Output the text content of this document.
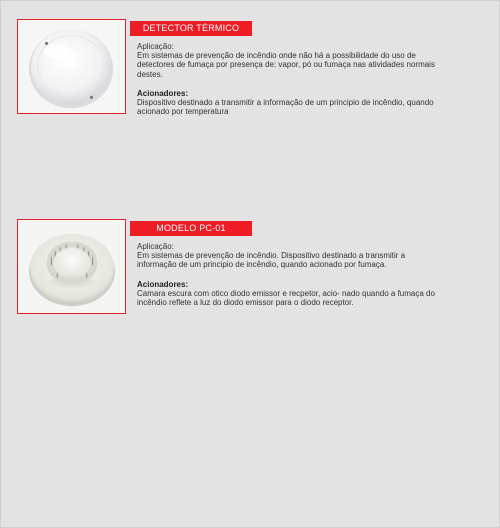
DETECTOR TÉRMICO
Aplicação:

Em sistemas de prevenção de incêndio onde não há a possibilidade do uso de detectores de fumaça por presença de: vapor, pó ou fumaça nas atividades normais destes.

Acionadores:

Dispositivo destinado a transmitir a informação de um principio de incêndio, quando acionado por temperatura

MODELO PC-01
Aplicação:

Em sistemas de prevenção de incêndio. Dispositivo destinado a transmitir a informação de um principio de incêndio, quando acionado por fumaça.

Acionadores:

Camara escura com otico diodo emissor e recpetor, acio- nado quando a fumaça do incêndio reflete a luz do diodo emissor para o diodo receptor.
